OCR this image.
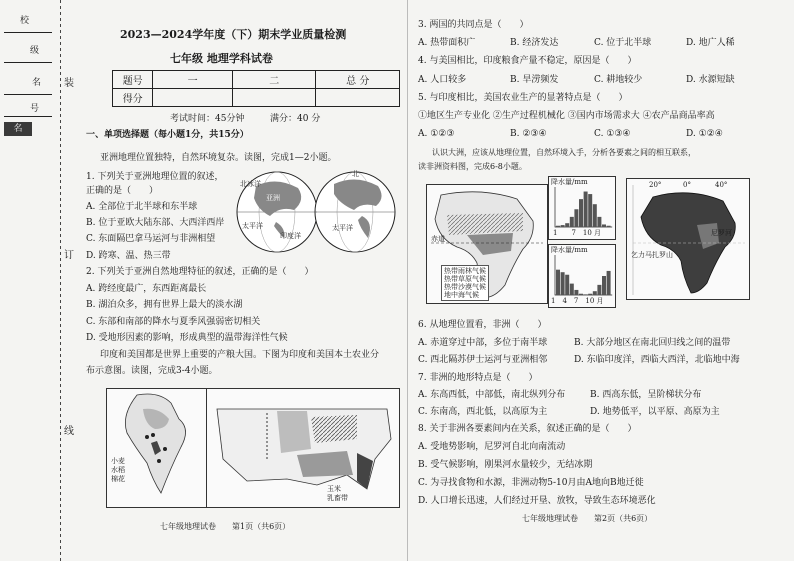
校
级
名
号
名
装
订
线
2023—2024学年度（下）期末学业质量检测
七年级 地理学科试卷
题号	一	二	总 分
得分			
考试时间：45分钟	满分：40 分
一、单项选择题（每小题1分，共15分）
亚洲地理位置独特，自然环境复杂。读图，完成1—2小题。
1. 下列关于亚洲地理位置的叙述，
正确的是（　　）
A. 全部位于北半球和东半球
B. 位于亚欧大陆东部、大西洋西岸
C. 东面隔巴拿马运河与非洲相望
D. 跨寒、温、热三带
北冰洋
太平洋
印度洋
太平洋
北
亚洲
2. 下列关于亚洲自然地理特征的叙述，正确的是（　　）
A. 跨经度最广，东西距离最长
B. 湖泊众多，拥有世界上最大的淡水湖
C. 东部和南部的降水与夏季风强弱密切相关
D. 受地形因素的影响，形成典型的温带海洋性气候
印度和美国都是世界上重要的产粮大国。下图为印度和美国本土农业分
布示意图。读图，完成3-4小题。
小麦
水稻
棉花
玉米
乳畜带
七年级地理试卷　　第1页（共6页）
3. 两国的共同点是（　　）
A. 热带面积广	B. 经济发达	C. 位于北半球	D. 地广人稀
4. 与美国相比，印度粮食产量不稳定，原因是（　　）
A. 人口较多	B. 旱涝频发	C. 耕地较少	D. 水源短缺
5. 与印度相比，美国农业生产的显著特点是（　　）
①地区生产专业化 ②生产过程机械化 ③国内市场需求大 ④农产品商品率高
A. ①②③	B. ②③④	C. ①③④	D. ①②④
认识大洲，应该从地理位置，自然环境入手，分析各要素之间的相互联系，
读非洲资料图，完成6-8小题。
赤道
热带雨林气候
热带草原气候
热带沙漠气候
地中海气候
降水量/mm
1　　7　10 月
降水量/mm
1　4　7　10 月
20°	0°	40°
尼罗河
乞力马扎罗山
6. 从地理位置看，非洲（　　）
A. 赤道穿过中部，多位于南半球	B. 大部分地区在南北回归线之间的温带
C. 西北隔苏伊士运河与亚洲相邻	D. 东临印度洋，西临大西洋，北临地中海
7. 非洲的地形特点是（　　）
A. 东高西低，中部低，南北纵列分布	B. 西高东低，呈阶梯状分布
C. 东南高，西北低，以高原为主	D. 地势低平，以平原、高原为主
8. 关于非洲各要素间内在关系，叙述正确的是（　　）
A. 受地势影响，尼罗河自北向南流动
B. 受气候影响，刚果河水量较少，无结冰期
C. 为寻找食物和水源，非洲动物5-10月由A地向B地迁徙
D. 人口增长迅速，人们经过开垦、放牧，导致生态环境恶化
七年级地理试卷　　第2页（共6页）
